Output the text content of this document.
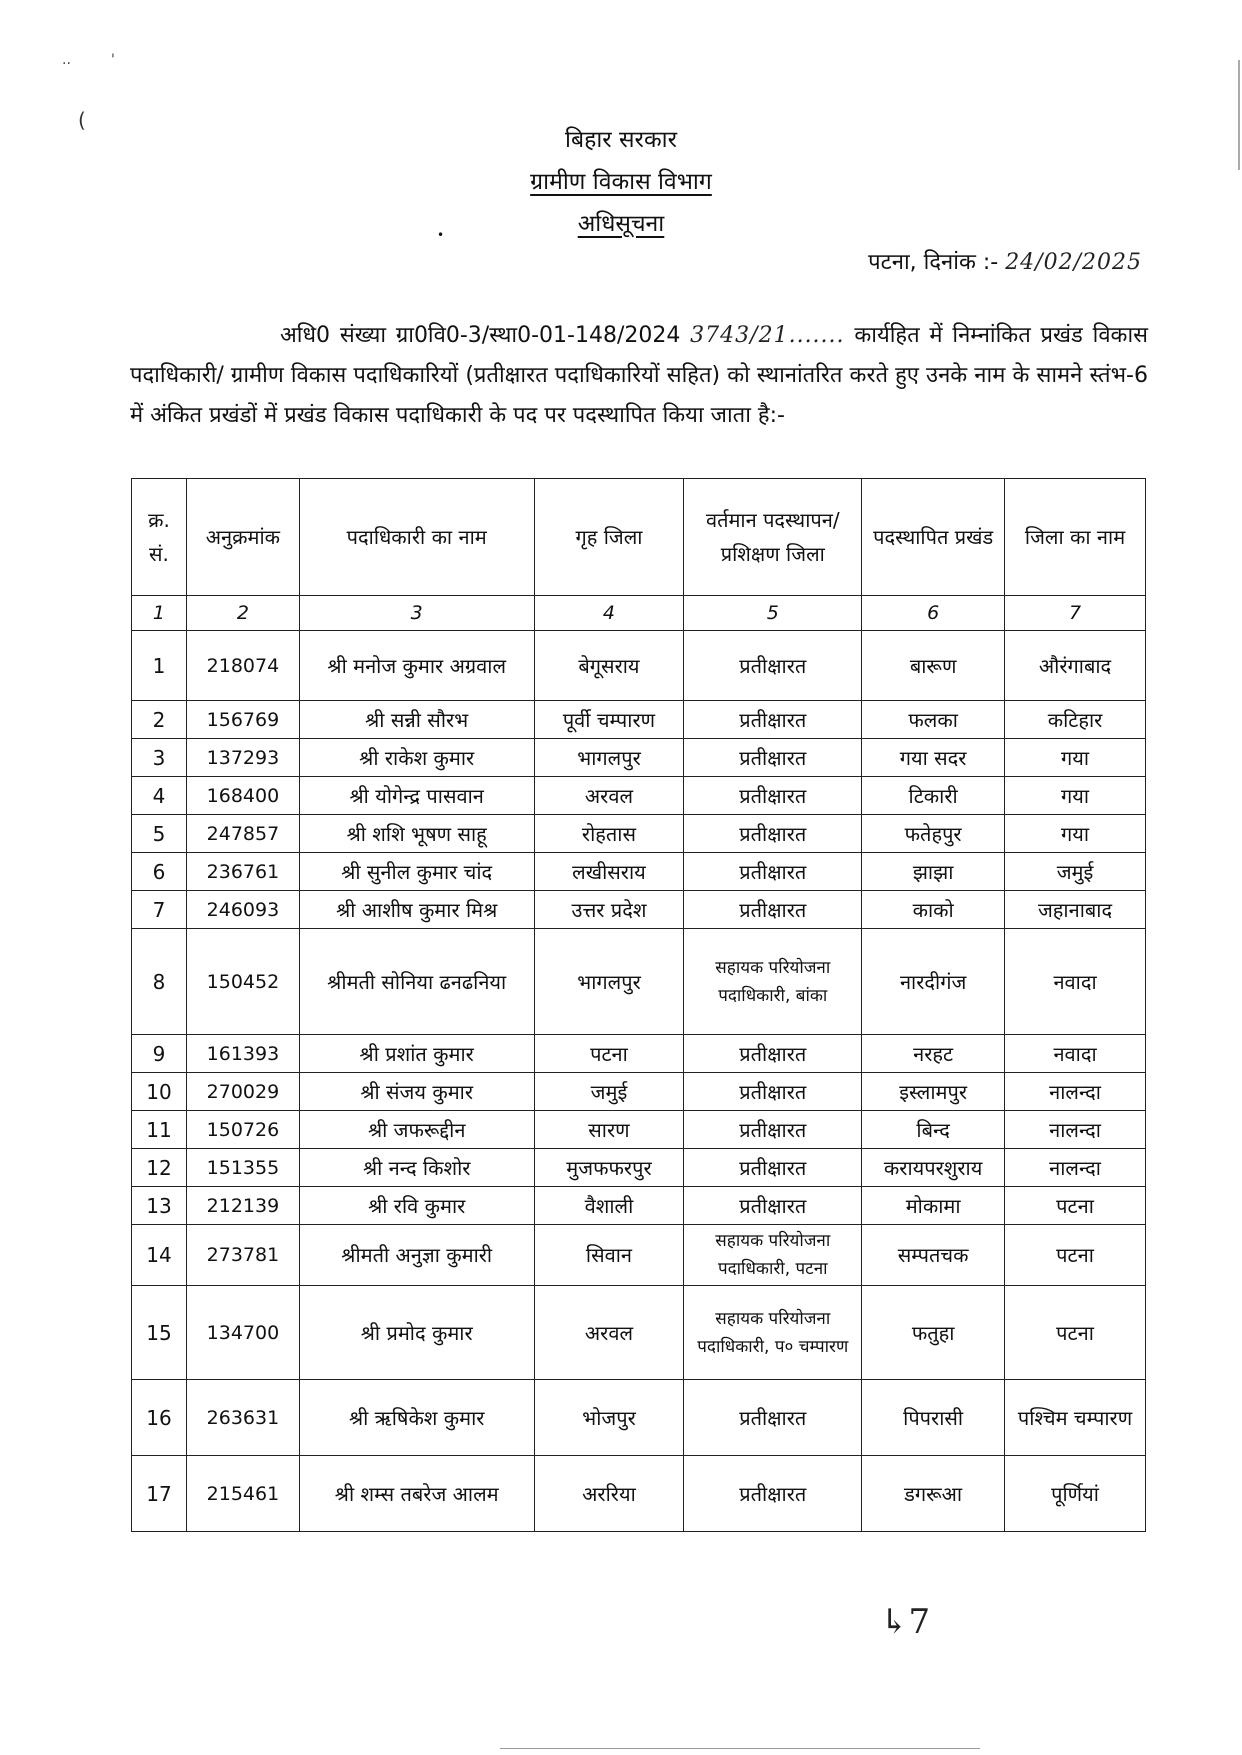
..         '
(
•
बिहार सरकार
ग्रामीण विकास विभाग
अधिसूचना
पटना, दिनांक :- 24/02/2025
अधि0 संख्या ग्रा0वि0-3/स्था0-01-148/2024 3743/21....... कार्यहित में निम्नांकित प्रखंड विकास पदाधिकारी/ ग्रामीण विकास पदाधिकारियों (प्रतीक्षारत पदाधिकारियों सहित) को स्थानांतरित करते हुए उनके नाम के सामने स्तंभ-6 में अंकित प्रखंडों में प्रखंड विकास पदाधिकारी के पद पर पदस्थापित किया जाता है:-
क्र. सं.	अनुक्रमांक	पदाधिकारी का नाम	गृह जिला	वर्तमान पदस्थापन/ प्रशिक्षण जिला	पदस्थापित प्रखंड	जिला का नाम
1	2	3	4	5	6	7
1	218074	श्री मनोज कुमार अग्रवाल	बेगूसराय	प्रतीक्षारत	बारूण	औरंगाबाद
2	156769	श्री सन्नी सौरभ	पूर्वी चम्पारण	प्रतीक्षारत	फलका	कटिहार
3	137293	श्री राकेश कुमार	भागलपुर	प्रतीक्षारत	गया सदर	गया
4	168400	श्री योगेन्द्र पासवान	अरवल	प्रतीक्षारत	टिकारी	गया
5	247857	श्री शशि भूषण साहू	रोहतास	प्रतीक्षारत	फतेहपुर	गया
6	236761	श्री सुनील कुमार चांद	लखीसराय	प्रतीक्षारत	झाझा	जमुई
7	246093	श्री आशीष कुमार मिश्र	उत्तर प्रदेश	प्रतीक्षारत	काको	जहानाबाद
8	150452	श्रीमती सोनिया ढनढनिया	भागलपुर	सहायक परियोजना पदाधिकारी, बांका	नारदीगंज	नवादा
9	161393	श्री प्रशांत कुमार	पटना	प्रतीक्षारत	नरहट	नवादा
10	270029	श्री संजय कुमार	जमुई	प्रतीक्षारत	इस्लामपुर	नालन्दा
11	150726	श्री जफरूद्दीन	सारण	प्रतीक्षारत	बिन्द	नालन्दा
12	151355	श्री नन्द किशोर	मुजफफरपुर	प्रतीक्षारत	करायपरशुराय	नालन्दा
13	212139	श्री रवि कुमार	वैशाली	प्रतीक्षारत	मोकामा	पटना
14	273781	श्रीमती अनुज्ञा कुमारी	सिवान	सहायक परियोजना पदाधिकारी, पटना	सम्पतचक	पटना
15	134700	श्री प्रमोद कुमार	अरवल	सहायक परियोजना पदाधिकारी, प० चम्पारण	फतुहा	पटना
16	263631	श्री ऋषिकेश कुमार	भोजपुर	प्रतीक्षारत	पिपरासी	पश्चिम चम्पारण
17	215461	श्री शम्स तबरेज आलम	अररिया	प्रतीक्षारत	डगरूआ	पूर्णियां
↳7
